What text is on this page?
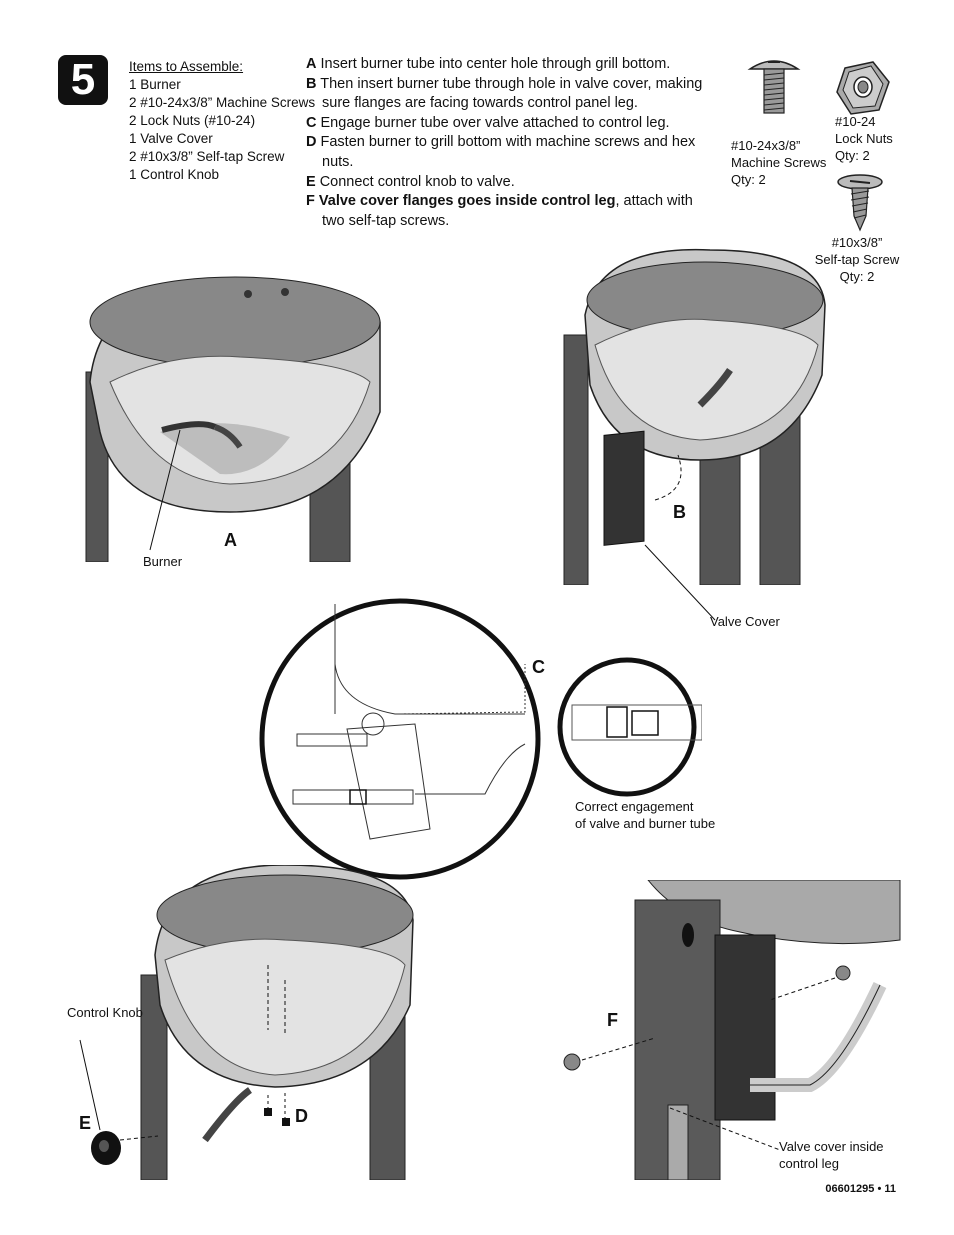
5	Items to Assemble:
1 Burner
2 #10-24x3/8” Machine Screws
2 Lock Nuts (#10-24)
1 Valve Cover
2 #10x3/8” Self-tap Screw
1 Control Knob
A Insert burner tube into center hole through grill bottom.
B Then insert burner tube through hole in valve cover, making sure flanges are facing towards control panel leg.
C Engage burner tube over valve attached to control leg.
D Fasten burner to grill bottom with machine screws and hex nuts.
E Connect control knob to valve.
F Valve cover flanges goes inside control leg, attach with two self-tap screws.
#10-24x3/8”
Machine Screws
Qty: 2
#10-24
Lock Nuts
Qty: 2
#10x3/8”
Self-tap Screw
Qty: 2
A
Burner
B
Valve Cover
C
Correct engagement
of valve and burner tube
Control Knob
E	D
F
Valve cover inside
control leg
06601295 • 11
